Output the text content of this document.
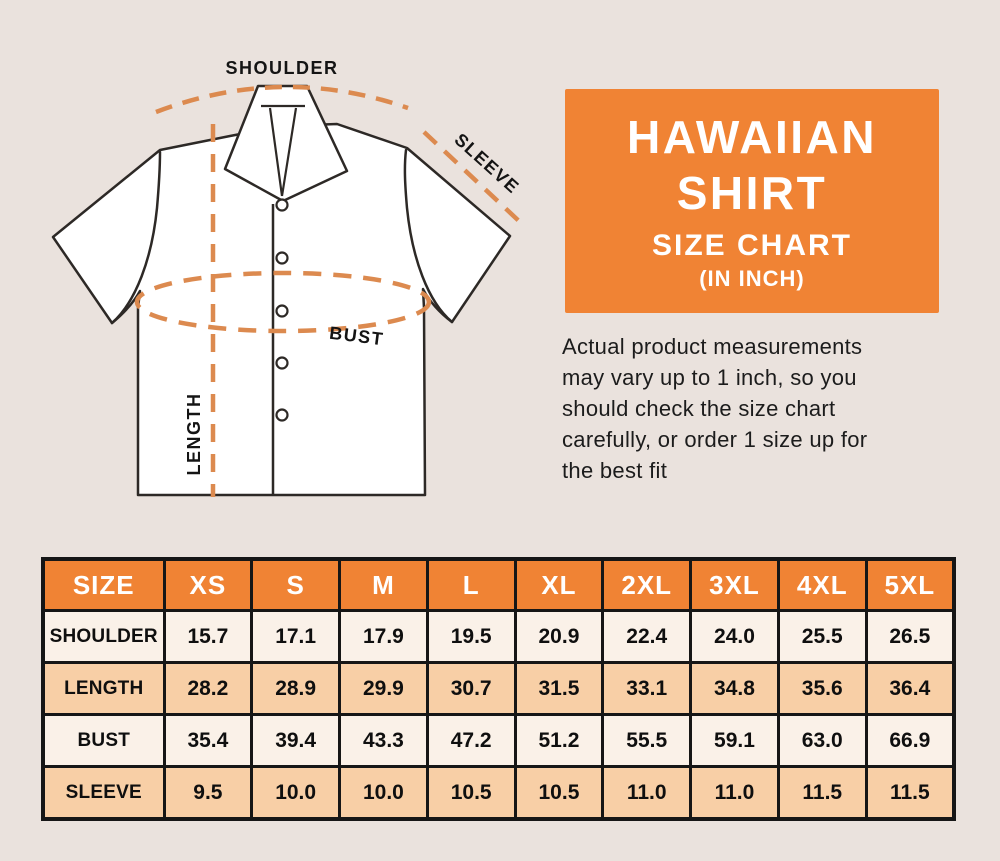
SHOULDER
SLEEVE
LENGTH
BUST
HAWAIIAN
SHIRT
SIZE CHART
(IN INCH)
Actual product measurements
may vary up to 1 inch, so you
should check the size chart
carefully, or order 1 size up for
the best fit
SIZE	XS	S	M	L	XL	2XL	3XL	4XL	5XL
SHOULDER	15.7	17.1	17.9	19.5	20.9	22.4	24.0	25.5	26.5
LENGTH	28.2	28.9	29.9	30.7	31.5	33.1	34.8	35.6	36.4
BUST	35.4	39.4	43.3	47.2	51.2	55.5	59.1	63.0	66.9
SLEEVE	9.5	10.0	10.0	10.5	10.5	11.0	11.0	11.5	11.5
